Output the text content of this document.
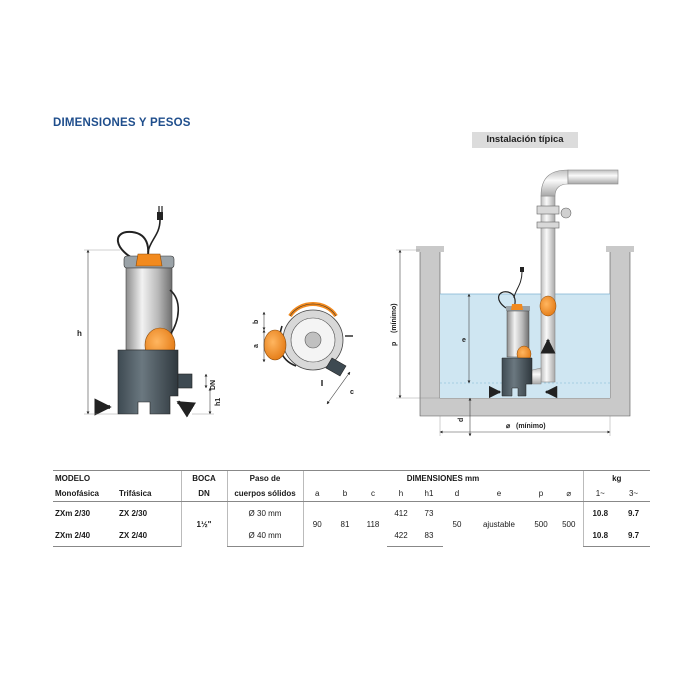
DIMENSIONES Y PESOS
Instalación típica
h
DN
h1
b
a
c
p
(mínimo)
e
d
⌀ (mínimo)
MODELO		BOCA	Paso de	DIMENSIONES mm									kg	
Monofásica	Trifásica	DN	cuerpos sólidos	a	b	c	h	h1	d	e	p	⌀	1~	3~
ZXm 2/30	ZX 2/30	1½"	Ø 30 mm	90	81	118	412	73	50	ajustable	500	500	10.8	9.7
ZXm 2/40	ZX 2/40		Ø 40 mm				422	83					10.8	9.7
